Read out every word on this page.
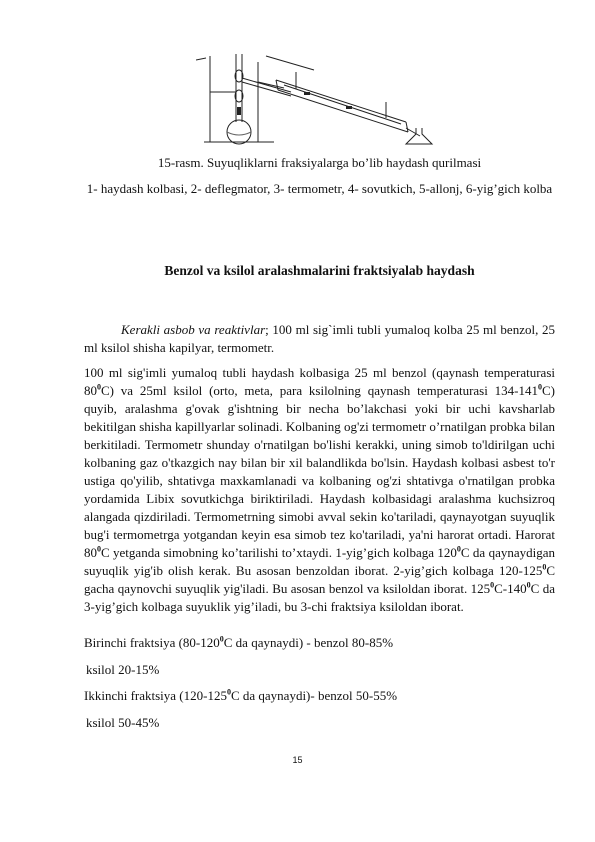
15-rasm. Suyuqliklarni fraksiyalarga bo’lib haydash qurilmasi
1- haydash kolbasi, 2- deflegmator, 3- termometr, 4- sovutkich, 5-allonj, 6-yig’gich kolba
Benzol va ksilol aralashmalarini fraktsiyalab haydash
Kerakli asbob va reaktivlar; 100 ml sig`imli tubli yumaloq kolba 25 ml benzol, 25 ml ksilol shisha kapilyar, termometr.
100 ml sig'imli yumaloq tubli haydash kolbasiga 25 ml benzol (qaynash temperaturasi $80^0C$) va 25ml ksilol (orto, meta, para ksilolning qaynash temperaturasi $134-141^0C$) quyib, aralashma g'ovak g'ishtning bir necha bo’lakchasi yoki bir uchi kavsharlab bekitilgan shisha kapillyarlar solinadi. Kolbaning og'zi termometr o’rnatilgan probka bilan berkitiladi. Termometr shunday o'rnatilgan bo'lishi kerakki, uning simob to'ldirilgan uchi kolbaning gaz o'tkazgich nay bilan bir xil balandlikda bo'lsin. Haydash kolbasi asbest to'r ustiga qo'yilib, shtativga maxkamlanadi va kolbaning og'zi shtativga o'rnatilgan probka yordamida Libix sovutkichga biriktiriladi. Haydash kolbasidagi aralashma kuchsizroq alangada qizdiriladi. Termometrning simobi avval sekin ko'tariladi, qaynayotgan suyuqlik bug'i termometrga yotgandan keyin esa simob tez ko'tariladi, ya'ni harorat ortadi. Harorat $80^0C$ yetganda simobning ko’tarilishi to’xtaydi. 1-yig’gich kolbaga $120^0C$ da qaynaydigan suyuqlik yig'ib olish kerak. Bu asosan benzoldan iborat. 2-yig’gich kolbaga $120-125^0C$ gacha qaynovchi suyuqlik yig'iladi. Bu asosan benzol va ksiloldan iborat. $125^0C-140^0C$ da 3-yig’gich kolbaga suyuklik yig’iladi, bu 3-chi fraktsiya ksiloldan iborat.
Birinchi fraktsiya ($80-120^0C$ da qaynaydi) - benzol 80-85%
ksilol 20-15%
Ikkinchi fraktsiya ($120-125^0C$ da qaynaydi)- benzol 50-55%
ksilol 50-45%
15
